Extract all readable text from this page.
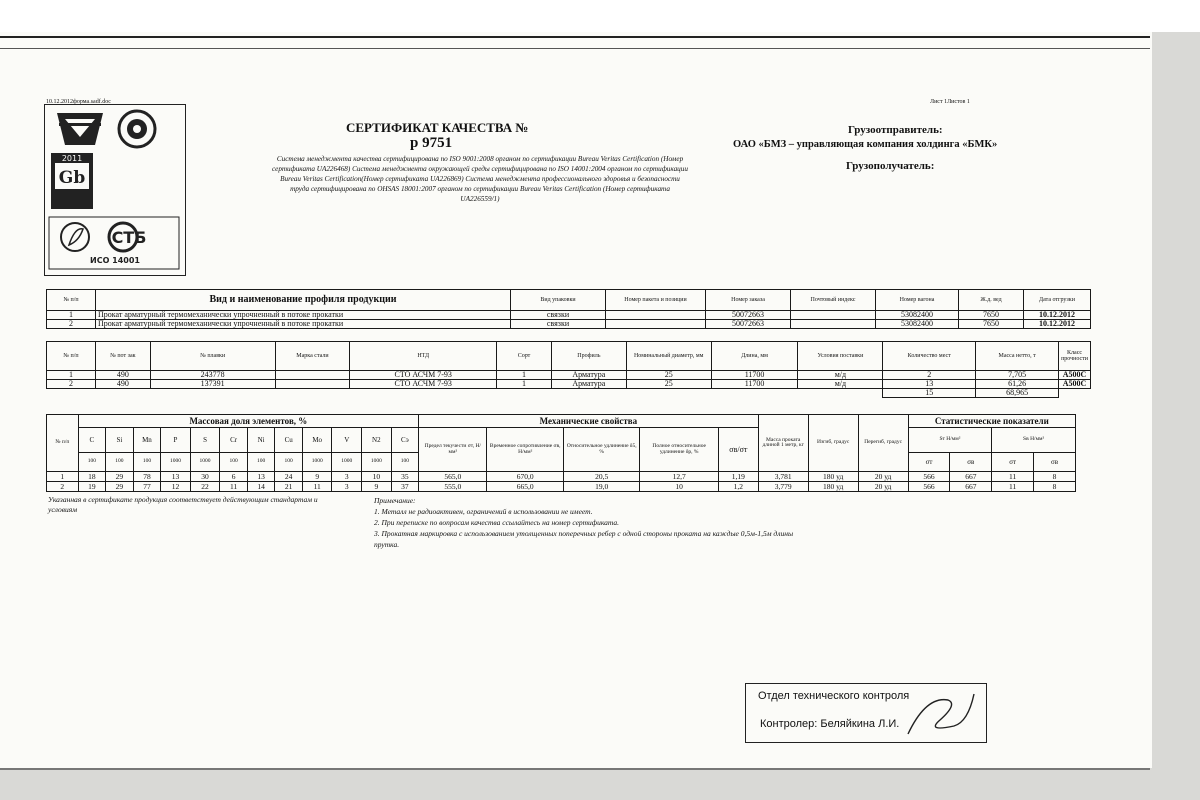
10.12.2012форма.sadf.doc	Лист 1Листов 1
2011
Gb
СТБ
ИСО 14001
СЕРТИФИКАТ КАЧЕСТВА №
р 9751
Система менеджмента качества сертифицирована по ISO 9001:2008 органом по сертификации Bureau Veritas Certification (Номер сертификата UA226468) Система менеджмента окружающей среды сертифицирована по ISO 14001:2004 органом по сертификации Bureau Veritas Certification(Номер сертификата UA226869) Система менеджмента профессионального здоровья и безопасности труда сертифицирована по OHSAS 18001:2007 органом по сертификации Bureau Veritas Certification (Номер сертификата UA226559/1)
Грузоотправитель:
ОАО «БМЗ – управляющая компания холдинга «БМК»
Грузополучатель:
№ п/п	Вид и наименование профиля продукции	Вид упаковки	Номер пакета и позиции	Номер заказа	Почтовый индекс	Номер вагона	Ж.д. вед	Дата отгрузки
1	Прокат арматурный термомеханически упрочненный в потоке прокатки	связки		50072663		53082400	7650	10.12.2012
2	Прокат арматурный термомеханически упрочненный в потоке прокатки	связки		50072663		53082400	7650	10.12.2012
№ п/п	№ пот зак	№ плавки	Марка стали	НТД	Сорт	Профиль	Номинальный диаметр, мм	Длина, мм	Условия поставки	Количество мест	Масса нетто, т	Класс прочности
1	490	243778		СТО АСЧМ 7-93	1	Арматура	25	11700	м/д	2	7,705	А500С
2	490	137391		СТО АСЧМ 7-93	1	Арматура	25	11700	м/д	13	61,26	А500С
										15	68,965	
№ п/п	Массовая доля элементов, %												Механические свойства					Масса проката длиной 1 метр, кг	Изгиб, градус	Перегиб, градус	Статистические показатели			
	C	Si	Mn	P	S	Cr	Ni	Cu	Mo	V	N2	Cэ	Предел текучести σт, Н/мм²	Временное сопротивление σв, Н/мм²	Относительное удлинение δ5, %	Полное относительное удлинение δр, %	σв/σт				Sт Н/мм²		Sв Н/мм²	
	100	100	100	1000	1000	100	100	100	1000	1000	1000	100									σт	σв	σт	σв
1	18	29	78	13	30	6	13	24	9	3	10	35	565,0	670,0	20,5	12,7	1,19	3,781	180 уд	20 уд	566	667	11	8
2	19	29	77	12	22	11	14	21	11	3	9	37	555,0	665,0	19,0	10	1,2	3,779	180 уд	20 уд	566	667	11	8
Указанная в сертификате продукция соответствует действующим стандартам и условиям
Примечание:
1. Металл не радиоактивен, ограничений в использовании не имеет.
2. При переписке по вопросам качества ссылайтесь на номер сертификата.
3. Прокатная маркировка с использованием утолщенных поперечных ребер с одной стороны проката на каждые 0,5м-1,5м длины прутка.
Отдел технического контроля
Контролер: Беляйкина Л.И.
